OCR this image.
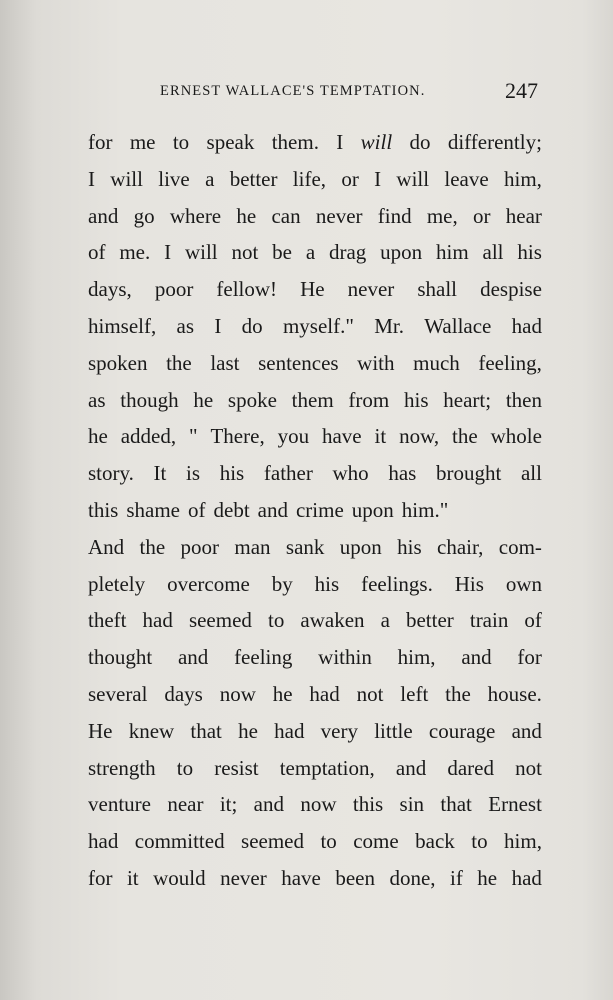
ERNEST WALLACE'S TEMPTATION.	247
for me to speak them. I will do differently;
I will live a better life, or I will leave him,
and go where he can never find me, or hear
of me. I will not be a drag upon him all his
days, poor fellow! He never shall despise
himself, as I do myself." Mr. Wallace had
spoken the last sentences with much feeling,
as though he spoke them from his heart; then
he added, " There, you have it now, the whole
story. It is his father who has brought all
this shame of debt and crime upon him."
And the poor man sank upon his chair, com-
pletely overcome by his feelings. His own
theft had seemed to awaken a better train of
thought and feeling within him, and for
several days now he had not left the house.
He knew that he had very little courage and
strength to resist temptation, and dared not
venture near it; and now this sin that Ernest
had committed seemed to come back to him,
for it would never have been done, if he had
